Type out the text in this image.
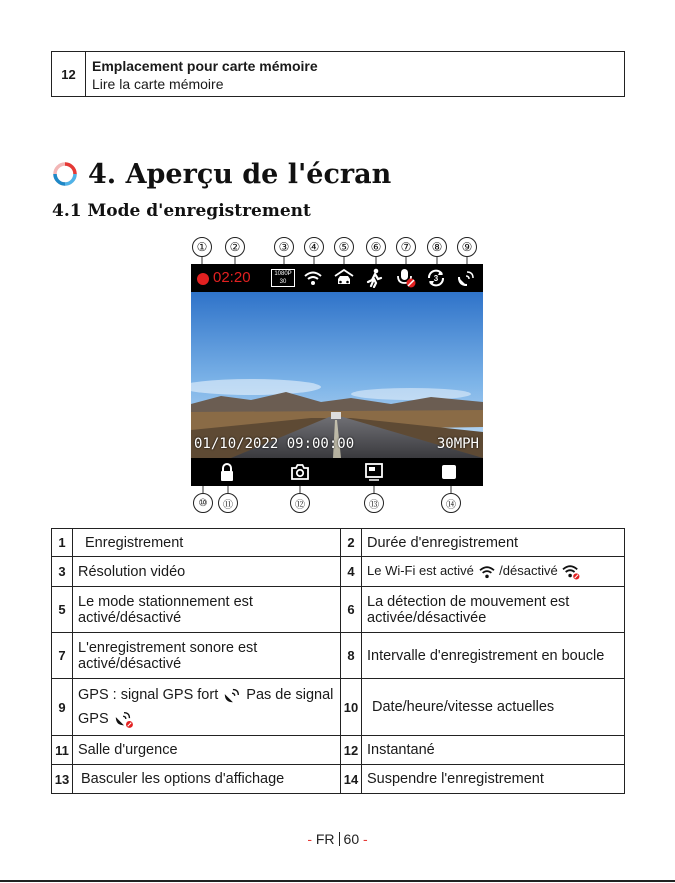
12	Emplacement pour carte mémoire
Lire la carte mémoire
4. Aperçu de l'écran
4.1 Mode d'enregistrement
①	②	③	④	⑤	⑥	⑦	⑧	⑨
02:20	1080P
30	3
01/10/2022 09:00:00	30MPH
⑩	⑪	⑫	⑬	⑭
1	Enregistrement	2	Durée d'enregistrement
3	Résolution vidéo	4	Le Wi-Fi est activé /désactivé
5	Le mode stationnement est activé/désactivé	6	La détection de mouvement est activée/désactivée
7	L'enregistrement sonore est activé/désactivé	8	Intervalle d'enregistrement en boucle
9	GPS : signal GPS fort Pas de signal GPS	10	Date/heure/vitesse actuelles
11	Salle d'urgence	12	Instantané
13	Basculer les options d'affichage	14	Suspendre l'enregistrement
- FR 60 -
